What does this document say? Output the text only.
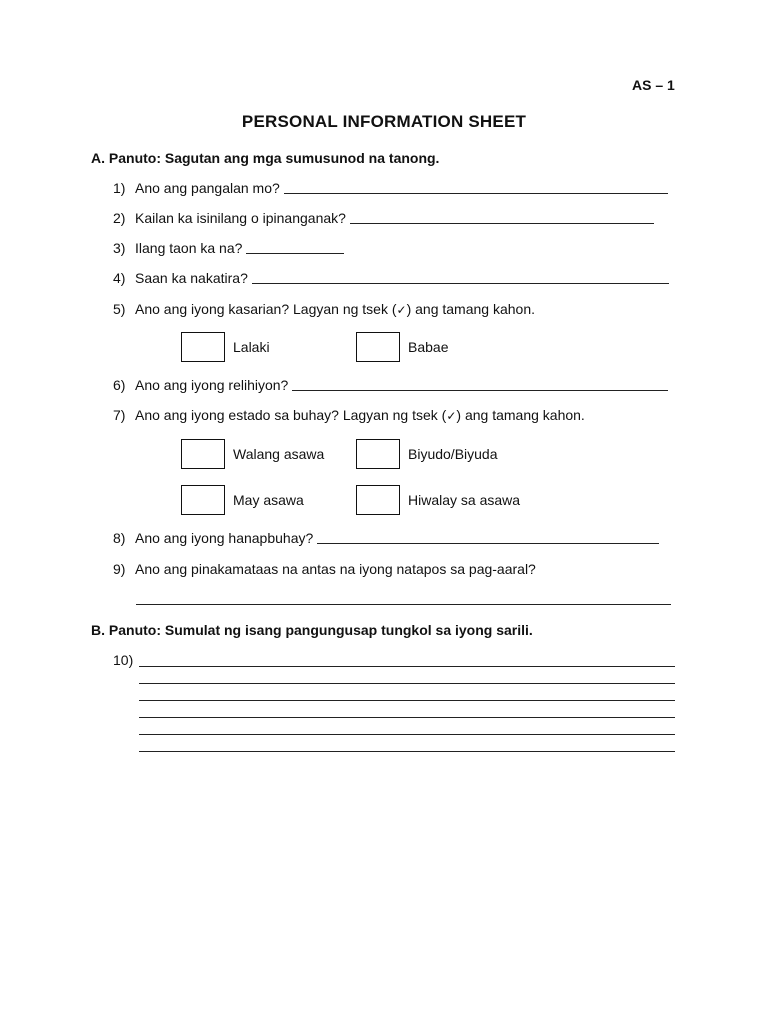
AS – 1
PERSONAL INFORMATION SHEET
A. Panuto: Sagutan ang mga sumusunod na tanong.
1) Ano ang pangalan mo?
2) Kailan ka isinilang o ipinanganak?
3) Ilang taon ka na?
4) Saan ka nakatira?
5) Ano ang iyong kasarian? Lagyan ng tsek (✓) ang tamang kahon.
Lalaki	Babae
6) Ano ang iyong relihiyon?
7) Ano ang iyong estado sa buhay? Lagyan ng tsek (✓) ang tamang kahon.
Walang asawa	Biyudo/Biyuda
May asawa	Hiwalay sa asawa
8) Ano ang iyong hanapbuhay?
9) Ano ang pinakamataas na antas na iyong natapos sa pag-aaral?
B. Panuto: Sumulat ng isang pangungusap tungkol sa iyong sarili.
10)
